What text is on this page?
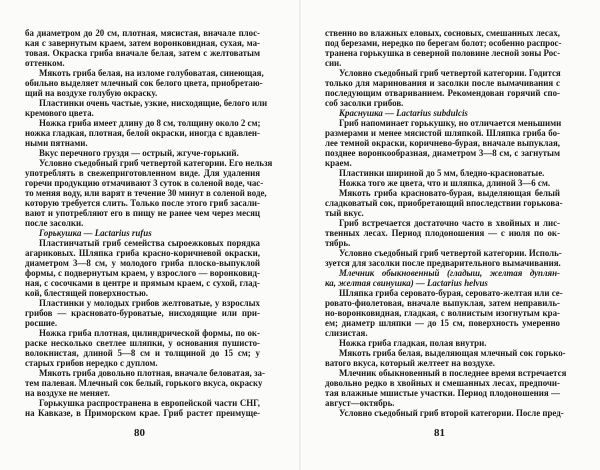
ба диаметром до 20 см, плотная, мясистая, вначале плос-
кая с завернутым краем, затем воронковидная, сухая, ма-
товая. Окраска гриба вначале белая, затем с желтоватым
оттенком.
Мякоть гриба белая, на изломе голубоватая, синеющая,
обильно выделяет млечный сок белого цвета, приобретаю-
щий на воздухе голубую окраску.
Пластинки очень частые, узкие, нисходящие, белого или
кремового цвета.
Ножка гриба имеет длину до 8 см, толщину около 2 см;
ножка гладкая, плотная, белой окраски, иногда с вдавлен-
ными пятнами.
Вкус перечного груздя — острый, жгуче-горький.
Условно съедобный гриб четвертой категории. Его нельзя
употреблять в свежеприготовленном виде. Для удаления
горечи продукцию отмачивают 3 суток в соленой воде, час-
то меняя воду, или варят в течение 30 минут в соленой воде,
которую требуется слить. Только после этого гриб засали-
вают и употребляют его в пищу не ранее чем через месяц
после засолки.
Горькушка — Lactarius rufus
Пластинчатый гриб семейства сыроежковых порядка
агариковых. Шляпка гриба красно-коричневой окраски,
диаметром 3—8 см, у молодого гриба плоско-выпуклой
формы, с подвернутым краем, у взрослого — воронковид-
ная, с сосочками в центре и прямым краем, с сухой, глад-
кой, блестящей поверхностью.
Пластинки у молодых грибов желтоватые, у взрослых
грибов — красновато-буроватые, нисходящие или при-
росшие.
Ножка гриба плотная, цилиндрической формы, по ок-
раске несколько светлее шляпки, у основания пушисто-
волокнистая, длиной 5—8 см и толщиной до 15 см; у
старых грибов нередко с дуплом.
Мякоть гриба довольно плотная, вначале беловатая, за-
тем палевая. Млечный сок белый, горького вкуса, окраску
на воздухе не меняет.
Горькушка распространена в европейской части СНГ,
на Кавказе, в Приморском крае. Гриб растет преимуще-
ственно во влажных еловых, сосновых, смешанных лесах,
под березами, нередко по берегам болот; особенно распрос-
транена горькушка в северной половине лесной зоны Рос-
сии.
Условно съедобный гриб четвертой категории. Годится
только для маринования и засолки после вымачивания с
последующим отвариванием. Рекомендован горячий спо-
соб засолки грибов.
Краснушка — Lactarius subdulcis
Гриб напоминает горькушку, но отличается меньшими
размерами и менее мясистой шляпкой. Шляпка гриба бо-
лее темной окраски, коричнево-бурая, вначале выпуклая,
позднее воронкообразная, диаметром 3—8 см, с загнутым
краем.
Пластинки шириной до 5 мм, бледно-красноватые.
Ножка того же цвета, что и шляпка, длиной 3—6 см.
Мякоть гриба красновато-бурая, выделяющая белый
сладковатый сок, приобретающий впоследствии горькова-
тый вкус.
Гриб встречается достаточно часто в хвойных и лис-
твенных лесах. Период плодоношения — с июля по ок-
тябрь.
Условно съедобный гриб четвертой категории. Исполь-
зуется для засолки после предварительного вымачивания.
Млечник обыкновенный (гладыш, желтая дуплян-
ка, желтая свинушка) — Lactarius helvus
Шляпка гриба серовато-бурая, серовато-желтая или се-
ровато-фиолетовая, вначале выпуклая, затем неправиль-
но-воронковидная, гладкая, с волнистым изогнутым кра-
ем; диаметр шляпки — до 15 см, поверхность умеренно
слизистая.
Ножка гриба гладкая, полая внутри.
Мякоть гриба белая, выделяющая млечный сок горько-
ватого вкуса, который желтеет на воздухе.
Млечник обыкновенный в последнее время встречается
довольно редко в хвойных и смешанных лесах, предпочи-
тая влажные мшистые участки. Период плодоношения —
август—октябрь.
Условно съедобный гриб второй категории. После пред-
80	81
